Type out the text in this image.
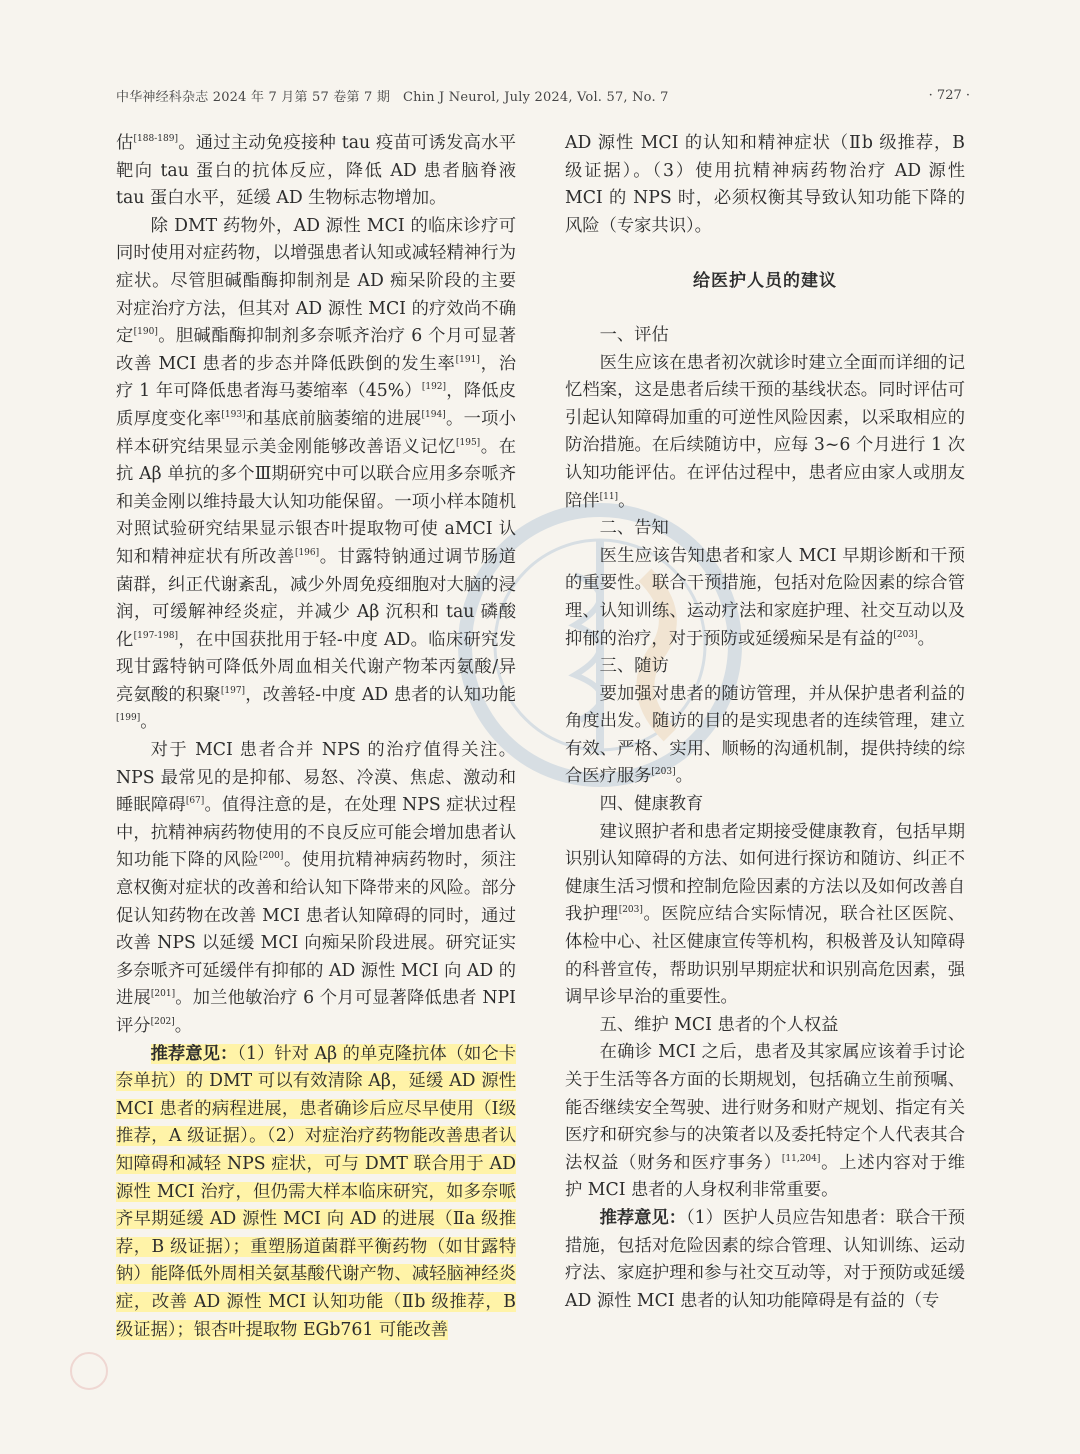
中华神经科杂志 2024 年 7 月第 57 卷第 7 期 Chin J Neurol, July 2024, Vol. 57, No. 7	· 727 ·

估[188-189]。通过主动免疫接种 tau 疫苗可诱发高水平靶向 tau 蛋白的抗体反应，降低 AD 患者脑脊液 tau 蛋白水平，延缓 AD 生物标志物增加。

除 DMT 药物外，AD 源性 MCI 的临床诊疗可同时使用对症药物，以增强患者认知或减轻精神行为症状。尽管胆碱酯酶抑制剂是 AD 痴呆阶段的主要对症治疗方法，但其对 AD 源性 MCI 的疗效尚不确定[190]。胆碱酯酶抑制剂多奈哌齐治疗 6 个月可显著改善 MCI 患者的步态并降低跌倒的发生率[191]，治疗 1 年可降低患者海马萎缩率（45%）[192]，降低皮质厚度变化率[193]和基底前脑萎缩的进展[194]。一项小样本研究结果显示美金刚能够改善语义记忆[195]。在抗 Aβ 单抗的多个Ⅲ期研究中可以联合应用多奈哌齐和美金刚以维持最大认知功能保留。一项小样本随机对照试验研究结果显示银杏叶提取物可使 aMCI 认知和精神症状有所改善[196]。甘露特钠通过调节肠道菌群，纠正代谢紊乱，减少外周免疫细胞对大脑的浸润，可缓解神经炎症，并减少 Aβ 沉积和 tau 磷酸化[197-198]，在中国获批用于轻-中度 AD。临床研究发现甘露特钠可降低外周血相关代谢产物苯丙氨酸/异亮氨酸的积聚[197]，改善轻-中度 AD 患者的认知功能[199]。

对于 MCI 患者合并 NPS 的治疗值得关注。NPS 最常见的是抑郁、易怒、冷漠、焦虑、激动和睡眠障碍[67]。值得注意的是，在处理 NPS 症状过程中，抗精神病药物使用的不良反应可能会增加患者认知功能下降的风险[200]。使用抗精神病药物时，须注意权衡对症状的改善和给认知下降带来的风险。部分促认知药物在改善 MCI 患者认知障碍的同时，通过改善 NPS 以延缓 MCI 向痴呆阶段进展。研究证实多奈哌齐可延缓伴有抑郁的 AD 源性 MCI 向 AD 的进展[201]。加兰他敏治疗 6 个月可显著降低患者 NPI 评分[202]。

推荐意见：（1）针对 Aβ 的单克隆抗体（如仑卡奈单抗）的 DMT 可以有效清除 Aβ，延缓 AD 源性 MCI 患者的病程进展，患者确诊后应尽早使用（Ⅰ级推荐，A 级证据）。（2）对症治疗药物能改善患者认知障碍和减轻 NPS 症状，可与 DMT 联合用于 AD 源性 MCI 治疗，但仍需大样本临床研究，如多奈哌齐早期延缓 AD 源性 MCI 向 AD 的进展（Ⅱa 级推荐，B 级证据）；重塑肠道菌群平衡药物（如甘露特钠）能降低外周相关氨基酸代谢产物、减轻脑神经炎症，改善 AD 源性 MCI 认知功能（Ⅱb 级推荐，B 级证据）；银杏叶提取物 EGb761 可能改善

AD 源性 MCI 的认知和精神症状（Ⅱb 级推荐，B 级证据）。（3）使用抗精神病药物治疗 AD 源性 MCI 的 NPS 时，必须权衡其导致认知功能下降的风险（专家共识）。

给医护人员的建议

一、评估

医生应该在患者初次就诊时建立全面而详细的记忆档案，这是患者后续干预的基线状态。同时评估可引起认知障碍加重的可逆性风险因素，以采取相应的防治措施。在后续随访中，应每 3~6 个月进行 1 次认知功能评估。在评估过程中，患者应由家人或朋友陪伴[11]。

二、告知

医生应该告知患者和家人 MCI 早期诊断和干预的重要性。联合干预措施，包括对危险因素的综合管理、认知训练、运动疗法和家庭护理、社交互动以及抑郁的治疗，对于预防或延缓痴呆是有益的[203]。

三、随访

要加强对患者的随访管理，并从保护患者利益的角度出发。随访的目的是实现患者的连续管理，建立有效、严格、实用、顺畅的沟通机制，提供持续的综合医疗服务[203]。

四、健康教育

建议照护者和患者定期接受健康教育，包括早期识别认知障碍的方法、如何进行探访和随访、纠正不健康生活习惯和控制危险因素的方法以及如何改善自我护理[203]。医院应结合实际情况，联合社区医院、体检中心、社区健康宣传等机构，积极普及认知障碍的科普宣传，帮助识别早期症状和识别高危因素，强调早诊早治的重要性。

五、维护 MCI 患者的个人权益

在确诊 MCI 之后，患者及其家属应该着手讨论关于生活等各方面的长期规划，包括确立生前预嘱、能否继续安全驾驶、进行财务和财产规划、指定有关医疗和研究参与的决策者以及委托特定个人代表其合法权益（财务和医疗事务）[11,204]。上述内容对于维护 MCI 患者的人身权利非常重要。

推荐意见：（1）医护人员应告知患者：联合干预措施，包括对危险因素的综合管理、认知训练、运动疗法、家庭护理和参与社交互动等，对于预防或延缓 AD 源性 MCI 患者的认知功能障碍是有益的（专
